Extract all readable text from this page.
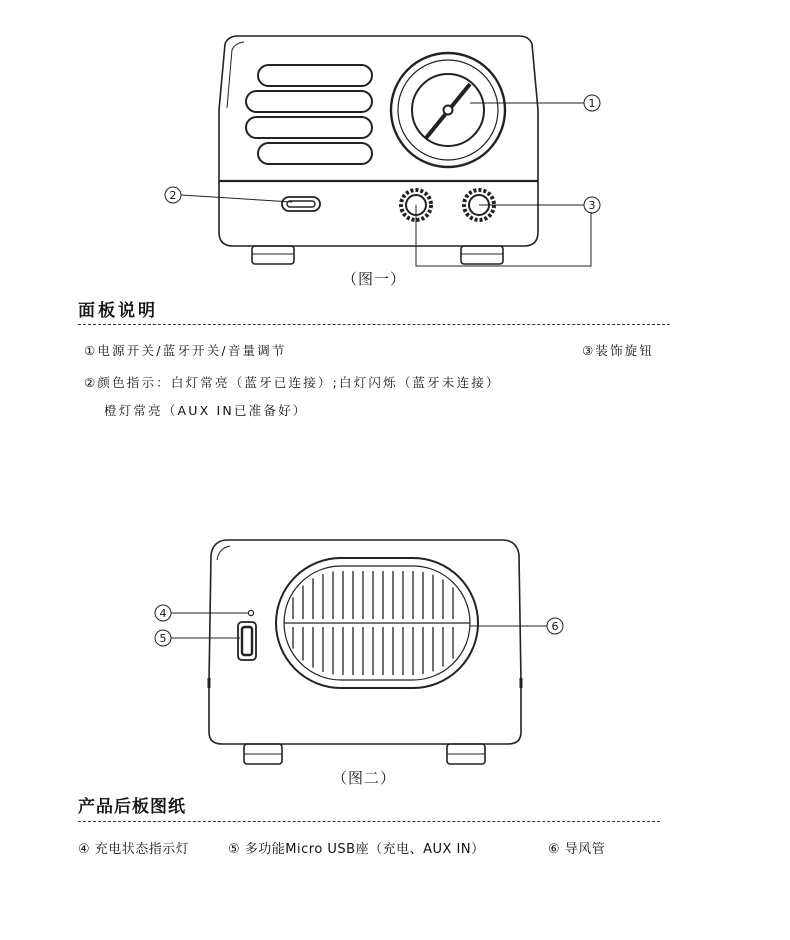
1
2
3
（图一）
面板说明
①电源开关/蓝牙开关/音量调节	③装饰旋钮
②颜色指示：白灯常亮（蓝牙已连接）;白灯闪烁（蓝牙未连接）
橙灯常亮（AUX IN已准备好）
4
5
6
（图二）
产品后板图纸
④ 充电状态指示灯	⑤ 多功能Micro USB座（充电、AUX IN）	⑥ 导风管
